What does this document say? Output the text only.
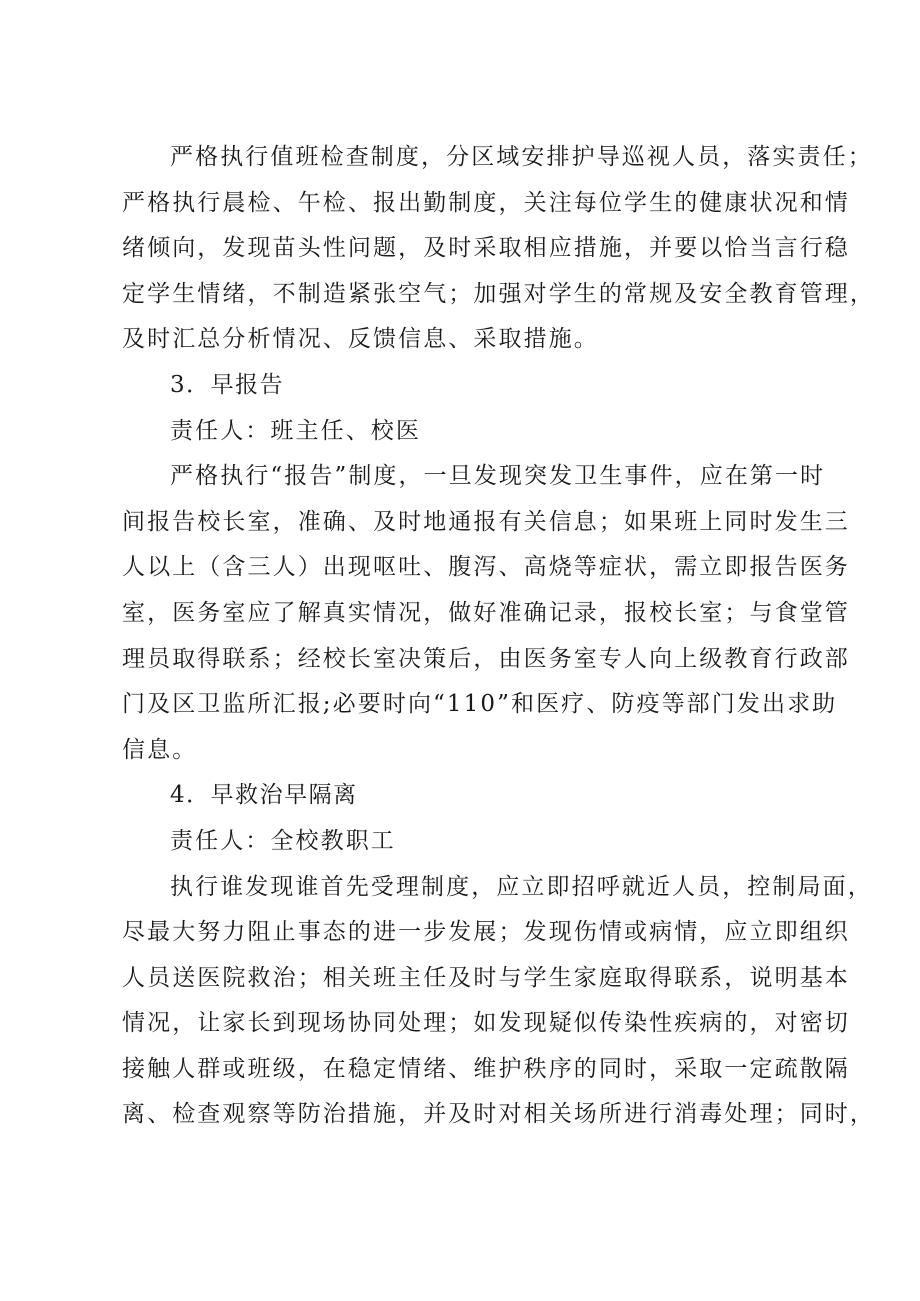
严格执行值班检查制度，分区域安排护导巡视人员，落实责任；
严格执行晨检、午检、报出勤制度，关注每位学生的健康状况和情
绪倾向，发现苗头性问题，及时采取相应措施，并要以恰当言行稳
定学生情绪，不制造紧张空气；加强对学生的常规及安全教育管理，
及时汇总分析情况、反馈信息、采取措施。
3．早报告
责任人：班主任、校医
严格执行“报告”制度，一旦发现突发卫生事件，应在第一时
间报告校长室，准确、及时地通报有关信息；如果班上同时发生三
人以上（含三人）出现呕吐、腹泻、高烧等症状，需立即报告医务
室，医务室应了解真实情况，做好准确记录，报校长室；与食堂管
理员取得联系；经校长室决策后，由医务室专人向上级教育行政部
门及区卫监所汇报;必要时向“110”和医疗、防疫等部门发出求助
信息。
4．早救治早隔离
责任人：全校教职工
执行谁发现谁首先受理制度，应立即招呼就近人员，控制局面，
尽最大努力阻止事态的进一步发展；发现伤情或病情，应立即组织
人员送医院救治；相关班主任及时与学生家庭取得联系，说明基本
情况，让家长到现场协同处理；如发现疑似传染性疾病的，对密切
接触人群或班级，在稳定情绪、维护秩序的同时，采取一定疏散隔
离、检查观察等防治措施，并及时对相关场所进行消毒处理；同时，
